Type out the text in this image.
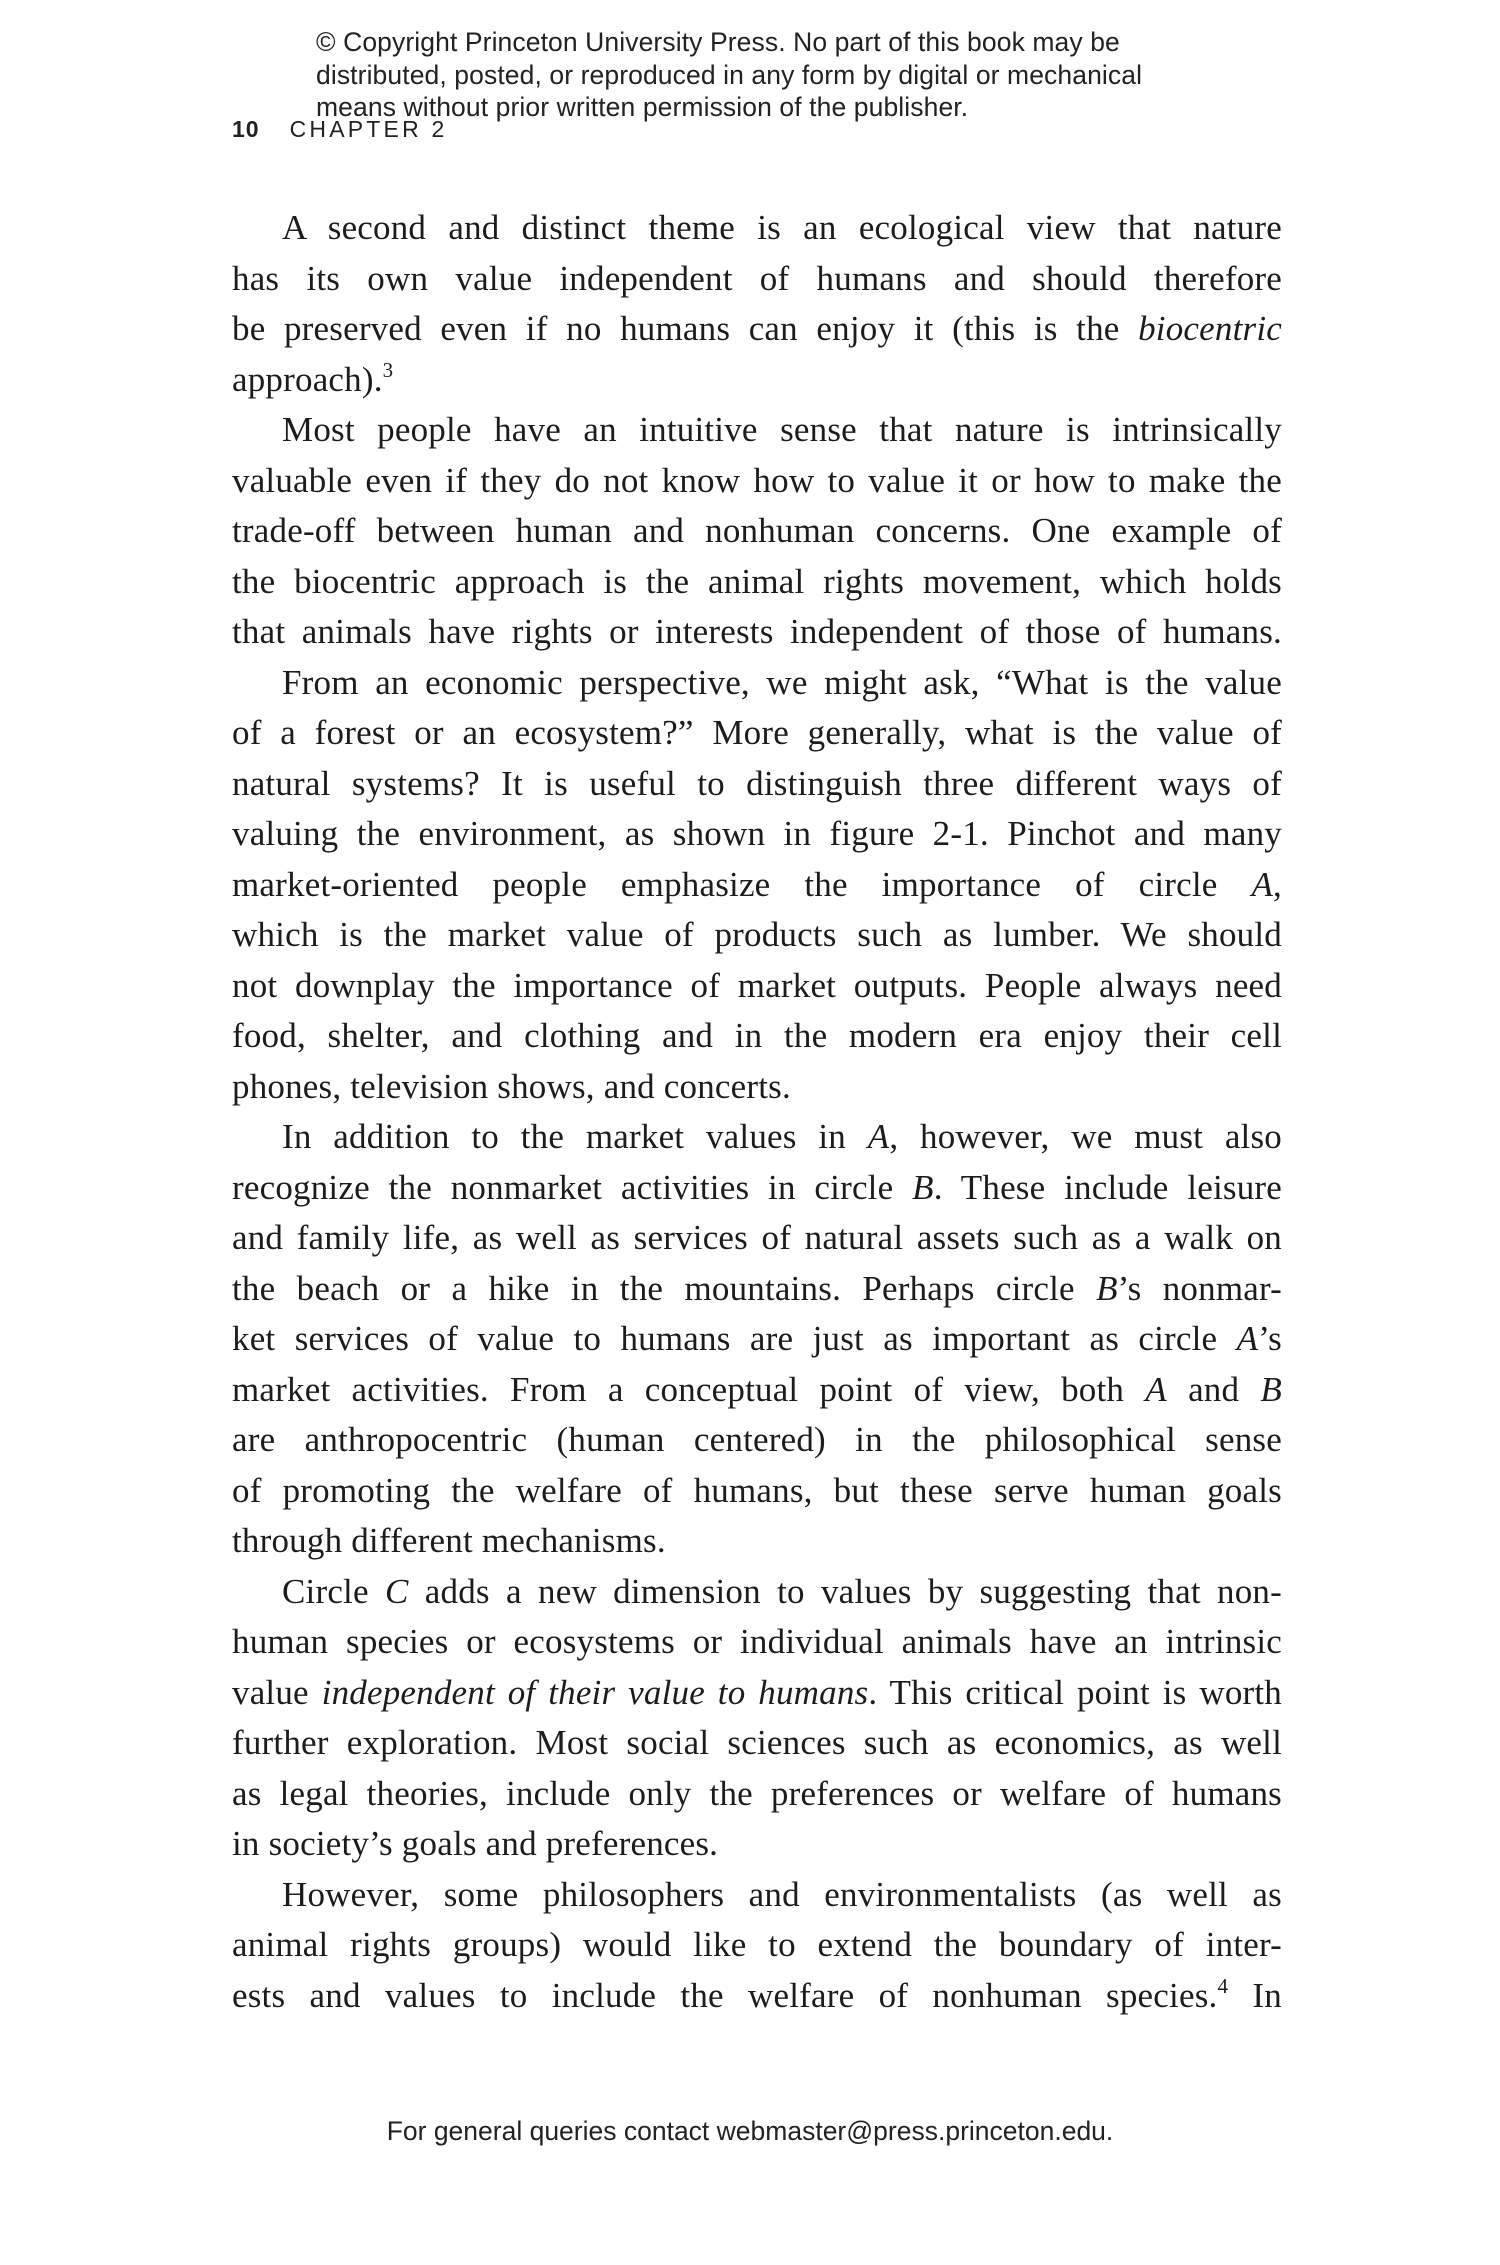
© Copyright Princeton University Press. No part of this book may be
distributed, posted, or reproduced in any form by digital or mechanical
means without prior written permission of the publisher.
10 CHAPTER 2
A second and distinct theme is an ecological view that nature
has its own value independent of humans and should therefore
be preserved even if no humans can enjoy it (this is the biocentric
approach).$^3$
Most people have an intuitive sense that nature is intrinsically
valuable even if they do not know how to value it or how to make the
trade-off between human and nonhuman concerns. One example of
the biocentric approach is the animal rights movement, which holds
that animals have rights or interests independent of those of humans.
From an economic perspective, we might ask, “What is the value
of a forest or an ecosystem?” More generally, what is the value of
natural systems? It is useful to distinguish three different ways of
valuing the environment, as shown in figure 2-1. Pinchot and many
market-oriented people emphasize the importance of circle A,
which is the market value of products such as lumber. We should
not downplay the importance of market outputs. People always need
food, shelter, and clothing and in the modern era enjoy their cell
phones, television shows, and concerts.
In addition to the market values in A, however, we must also
recognize the nonmarket activities in circle B. These include leisure
and family life, as well as services of natural assets such as a walk on
the beach or a hike in the mountains. Perhaps circle B’s nonmar-
ket services of value to humans are just as important as circle A’s
market activities. From a conceptual point of view, both A and B
are anthropocentric (human centered) in the philosophical sense
of promoting the welfare of humans, but these serve human goals
through different mechanisms.
Circle C adds a new dimension to values by suggesting that non-
human species or ecosystems or individual animals have an intrinsic
value independent of their value to humans. This critical point is worth
further exploration. Most social sciences such as economics, as well
as legal theories, include only the preferences or welfare of humans
in society’s goals and preferences.
However, some philosophers and environmentalists (as well as
animal rights groups) would like to extend the boundary of inter-
ests and values to include the welfare of nonhuman species.$^4$ In
For general queries contact webmaster@press.princeton.edu.
